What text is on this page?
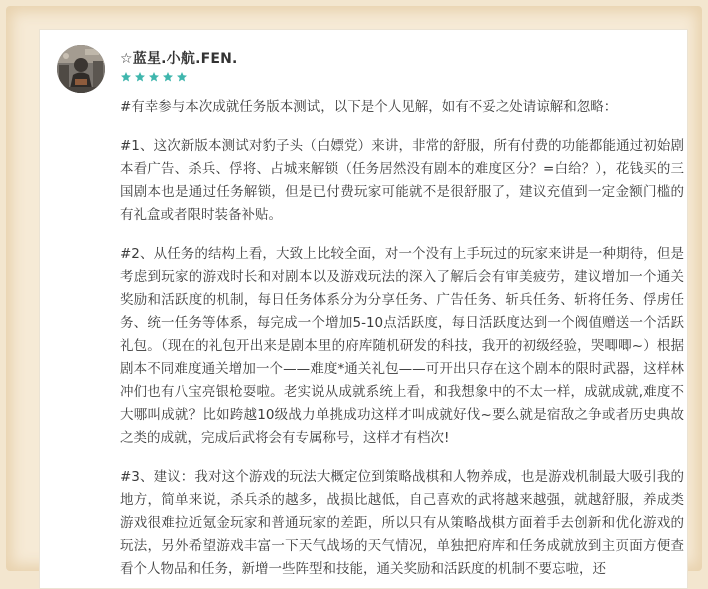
☆蓝星.小航.FEN.

#有幸参与本次成就任务版本测试，以下是个人见解，如有不妥之处请谅解和忽略：

#1、这次新版本测试对豹子头（白嫖党）来讲，非常的舒服，所有付费的功能都能通过初始剧本看广告、杀兵、俘将、占城来解锁（任务居然没有剧本的难度区分？=白给？），花钱买的三国剧本也是通过任务解锁，但是已付费玩家可能就不是很舒服了，建议充值到一定金额门槛的有礼盒或者限时装备补贴。

#2、从任务的结构上看，大致上比较全面，对一个没有上手玩过的玩家来讲是一种期待，但是考虑到玩家的游戏时长和对剧本以及游戏玩法的深入了解后会有审美疲劳，建议增加一个通关奖励和活跃度的机制，每日任务体系分为分享任务、广告任务、斩兵任务、斩将任务、俘虏任务、统一任务等体系，每完成一个增加5-10点活跃度，每日活跃度达到一个阀值赠送一个活跃礼包。（现在的礼包开出来是剧本里的府库随机研发的科技，我开的初级经验，哭唧唧~）根据剧本不同难度通关增加一个——难度*通关礼包——可开出只存在这个剧本的限时武器，这样林冲们也有八宝亮银枪耍啦。老实说从成就系统上看，和我想象中的不太一样，成就成就,难度不大哪叫成就？比如跨越10级战力单挑成功这样才叫成就好伐~要么就是宿敌之争或者历史典故之类的成就，完成后武将会有专属称号，这样才有档次!

#3、建议：我对这个游戏的玩法大概定位到策略战棋和人物养成，也是游戏机制最大吸引我的地方，简单来说，杀兵杀的越多，战损比越低，自己喜欢的武将越来越强，就越舒服，养成类游戏很难拉近氪金玩家和普通玩家的差距，所以只有从策略战棋方面着手去创新和优化游戏的玩法，另外希望游戏丰富一下天气战场的天气情况，单独把府库和任务成就放到主页面方便查看个人物品和任务，新增一些阵型和技能，通关奖励和活跃度的机制不要忘啦，还
